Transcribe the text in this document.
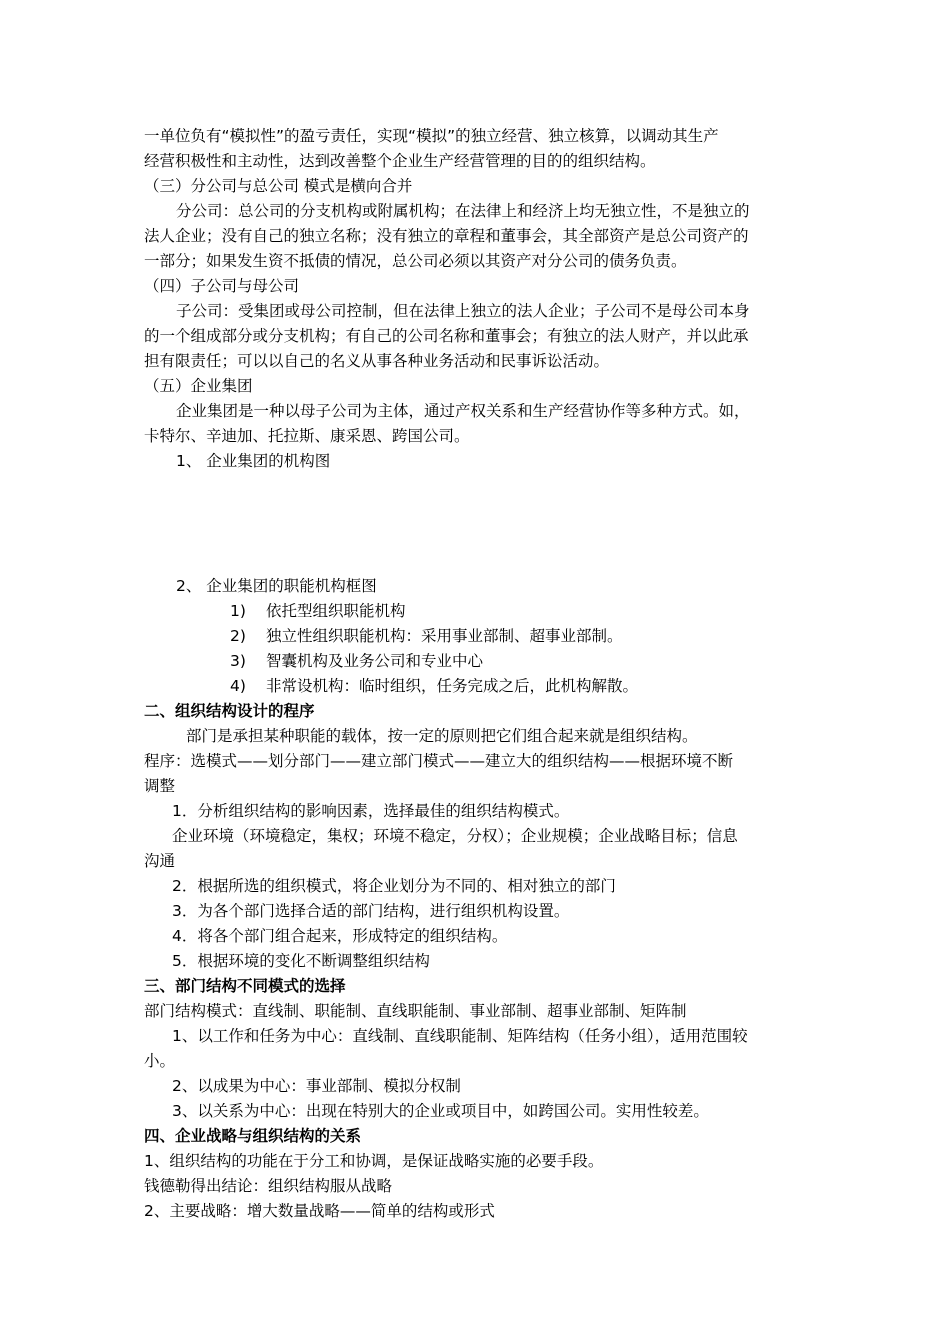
一单位负有“模拟性”的盈亏责任，实现“模拟”的独立经营、独立核算，以调动其生产
经营积极性和主动性，达到改善整个企业生产经营管理的目的的组织结构。
（三）分公司与总公司 模式是横向合并
分公司：总公司的分支机构或附属机构；在法律上和经济上均无独立性，不是独立的
法人企业；没有自己的独立名称；没有独立的章程和董事会，其全部资产是总公司资产的
一部分；如果发生资不抵债的情况，总公司必须以其资产对分公司的债务负责。
（四）子公司与母公司
子公司：受集团或母公司控制，但在法律上独立的法人企业；子公司不是母公司本身
的一个组成部分或分支机构；有自己的公司名称和董事会；有独立的法人财产，并以此承
担有限责任；可以以自己的名义从事各种业务活动和民事诉讼活动。
（五）企业集团
企业集团是一种以母子公司为主体，通过产权关系和生产经营协作等多种方式。如，
卡特尔、辛迪加、托拉斯、康采恩、跨国公司。
1、 企业集团的机构图
2、 企业集团的职能机构框图
1) 依托型组织职能机构
2) 独立性组织职能机构：采用事业部制、超事业部制。
3) 智囊机构及业务公司和专业中心
4) 非常设机构：临时组织，任务完成之后，此机构解散。
二、组织结构设计的程序
部门是承担某种职能的载体，按一定的原则把它们组合起来就是组织结构。
程序：选模式——划分部门——建立部门模式——建立大的组织结构——根据环境不断
调整
1．分析组织结构的影响因素，选择最佳的组织结构模式。
企业环境（环境稳定，集权；环境不稳定，分权）；企业规模；企业战略目标；信息
沟通
2．根据所选的组织模式，将企业划分为不同的、相对独立的部门
3．为各个部门选择合适的部门结构，进行组织机构设置。
4．将各个部门组合起来，形成特定的组织结构。
5．根据环境的变化不断调整组织结构
三、部门结构不同模式的选择
部门结构模式：直线制、职能制、直线职能制、事业部制、超事业部制、矩阵制
1、以工作和任务为中心：直线制、直线职能制、矩阵结构（任务小组），适用范围较
小。
2、以成果为中心：事业部制、模拟分权制
3、以关系为中心：出现在特别大的企业或项目中，如跨国公司。实用性较差。
四、企业战略与组织结构的关系
1、组织结构的功能在于分工和协调，是保证战略实施的必要手段。
钱德勒得出结论：组织结构服从战略
2、主要战略：增大数量战略——简单的结构或形式
